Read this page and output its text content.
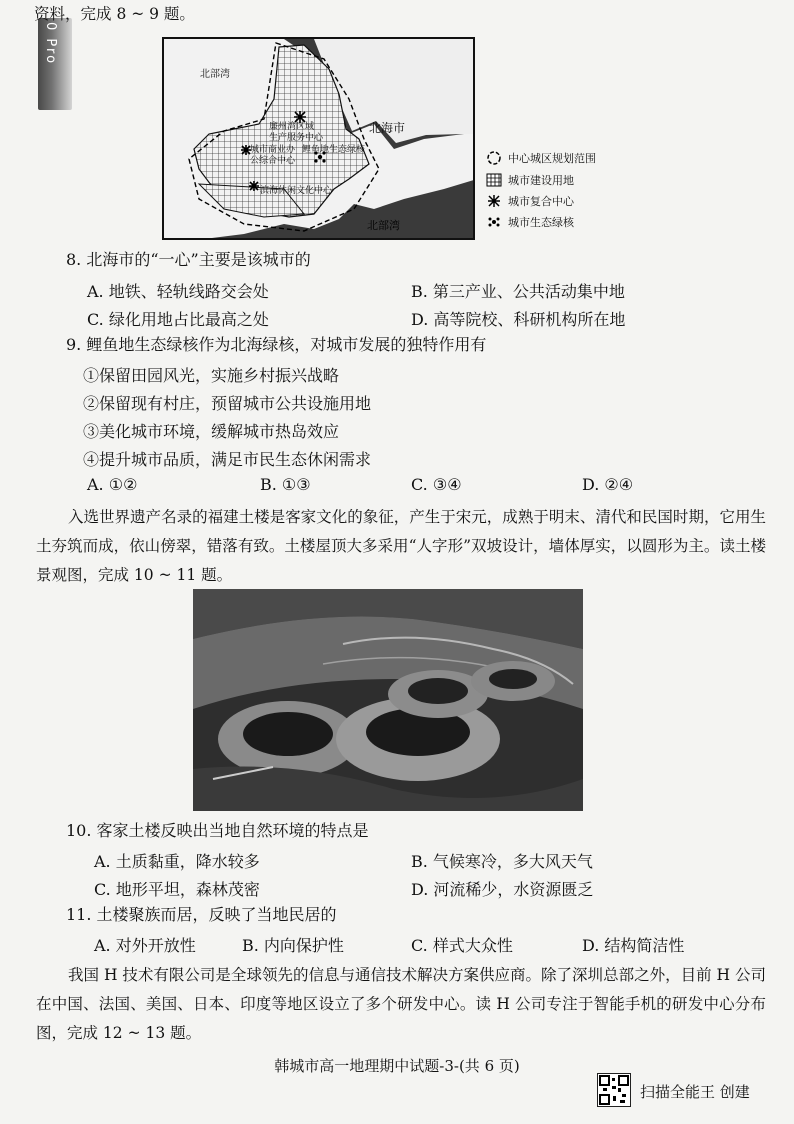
0 Pro
资料，完成 8 ~ 9 题。
北部湾
北海市
北部湾
廉州湾区域
生产服务中心
城市商业办
公综合中心
鲤鱼地生态绿核
滨海休闲文化中心
中心城区规划范围
城市建设用地
城市复合中心
城市生态绿核
8. 北海市的“一心”主要是该城市的
A. 地铁、轻轨线路交会处	B. 第三产业、公共活动集中地
C. 绿化用地占比最高之处	D. 高等院校、科研机构所在地
9. 鲤鱼地生态绿核作为北海绿核，对城市发展的独特作用有
①保留田园风光，实施乡村振兴战略
②保留现有村庄，预留城市公共设施用地
③美化城市环境，缓解城市热岛效应
④提升城市品质，满足市民生态休闲需求
A. ①②	B. ①③	C. ③④	D. ②④
入选世界遗产名录的福建土楼是客家文化的象征，产生于宋元，成熟于明末、清代和民国时期，它用生土夯筑而成，依山傍翠，错落有致。土楼屋顶大多采用“人字形”双坡设计，墙体厚实，以圆形为主。读土楼景观图，完成 10 ~ 11 题。
10. 客家土楼反映出当地自然环境的特点是
A. 土质黏重，降水较多	B. 气候寒冷，多大风天气
C. 地形平坦，森林茂密	D. 河流稀少，水资源匮乏
11. 土楼聚族而居，反映了当地民居的
A. 对外开放性	B. 内向保护性	C. 样式大众性	D. 结构简洁性
我国 H 技术有限公司是全球领先的信息与通信技术解决方案供应商。除了深圳总部之外，目前 H 公司在中国、法国、美国、日本、印度等地区设立了多个研发中心。读 H 公司专注于智能手机的研发中心分布图，完成 12 ~ 13 题。
韩城市高一地理期中试题-3-(共 6 页)
扫描全能王 创建
